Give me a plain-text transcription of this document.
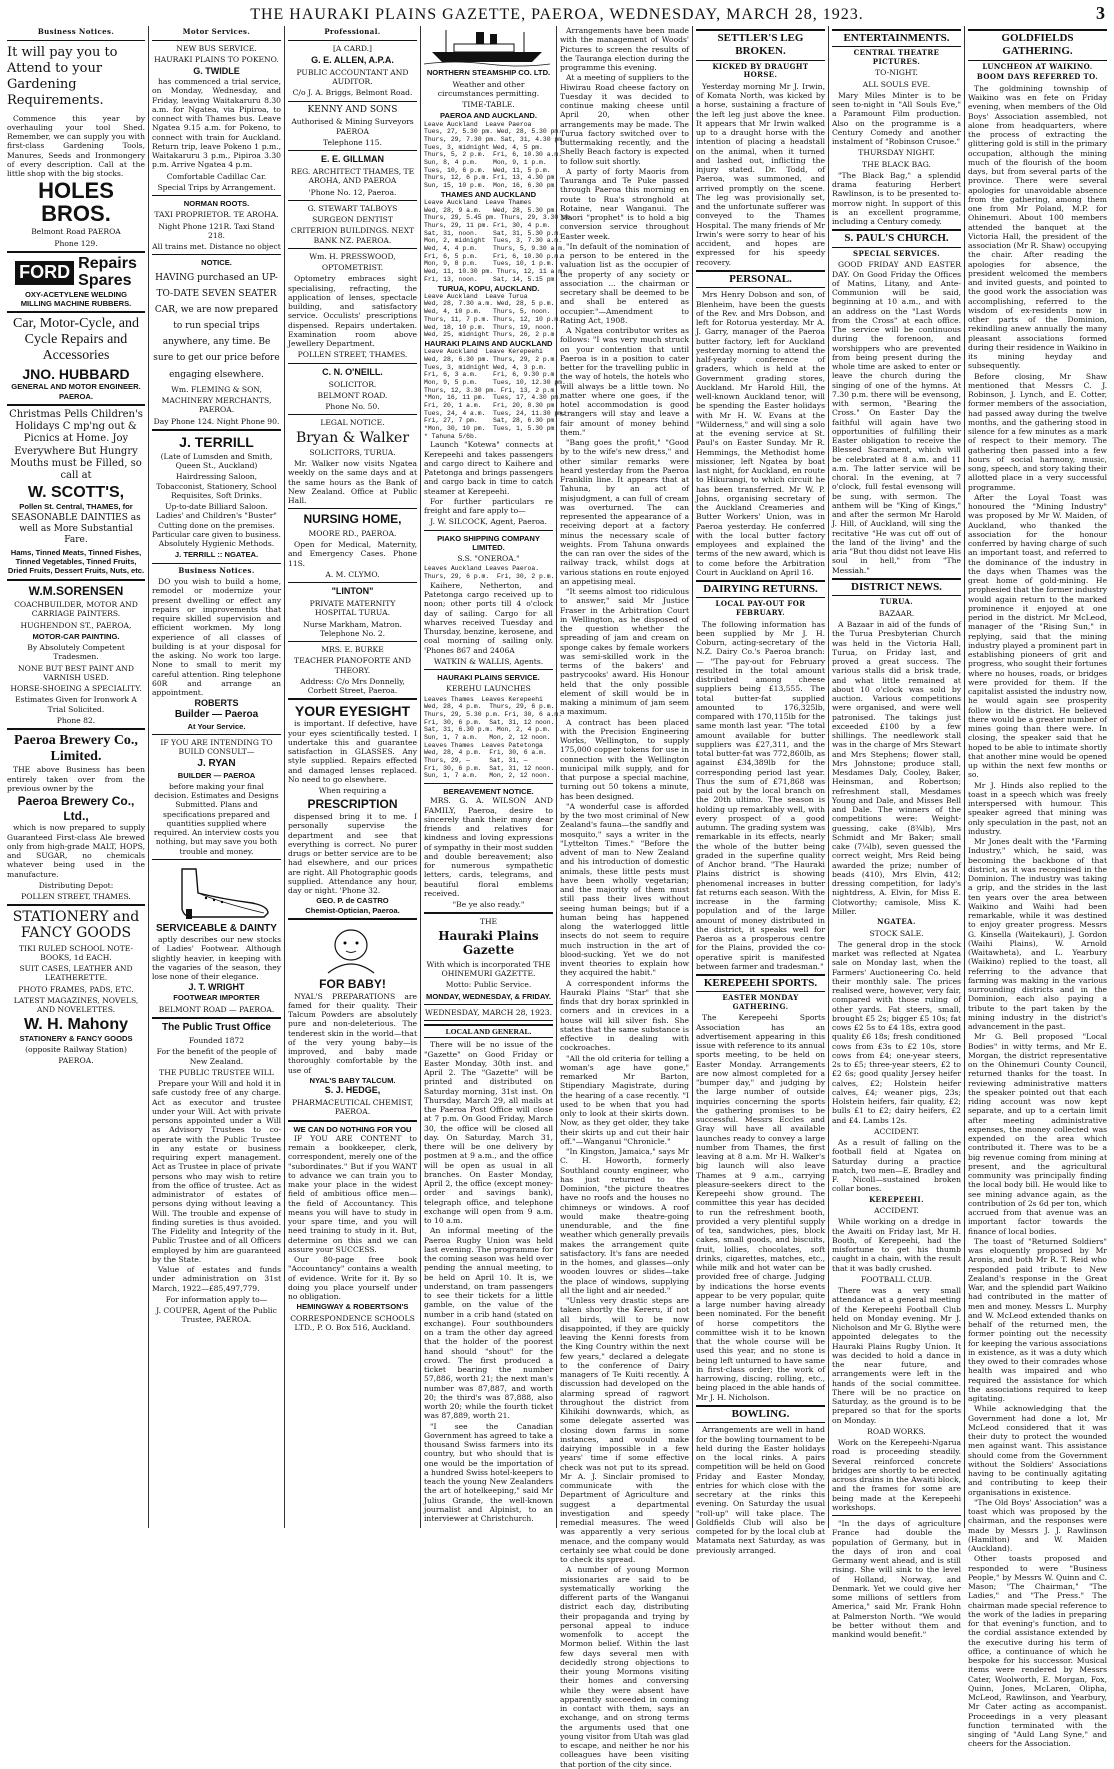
THE HAURAKI PLAINS GAZETTE, PAEROA, WEDNESDAY, MARCH 28, 1923.	3
Business Notices.
It will pay you to Attend to your Gardening Requirements.
Commence this year by overhauling your tool Shed. Remember, we can supply you with first-class Gardening Tools, Manures, Seeds and Ironmongery of every description. Call at the little shop with the big stocks.
HOLES BROS.
Belmont Road PAEROA
Phone 129.
FORD Repairs
Spares
OXY-ACETYLENE WELDING
MILLING MACHINE RUBBERS.
Car, Motor-Cycle, and Cycle Repairs and Accessories
JNO. HUBBARD
GENERAL AND MOTOR ENGINEER.
PAEROA.
Christmas Pells Children's Holidays C mp'ng out & Picnics at Home. Joy Everywhere But Hungry Mouths must be Filled, so call at
W. SCOTT'S,
Pollen St. Central, THAMES, for
SEASONABLE DAINTIES as well as More Substantial Fare.
Hams, Tinned Meats, Tinned Fishes, Tinned Vegetables, Tinned Fruits, Dried Fruits, Dessert Fruits, Nuts, etc.
W.M.SORENSEN
COACHBUILDER, MOTOR AND CARRIAGE PAINTERS.
HUGHENDON ST., PAEROA,
MOTOR-CAR PAINTING.
By Absolutely Competent Tradesmen.
NONE BUT BEST PAINT AND VARNISH USED.
HORSE-SHOEING A SPECIALITY.
Estimates Given for Ironwork A Trial Solicited.
Phone 82.
Paeroa Brewery Co., Limited.
THE above Business has been entirely taken over from the previous owner by the
Paeroa Brewery Co., Ltd.,
which is now prepared to supply Guaranteed First-class Ale brewed only from high-grade MALT, HOPS, and SUGAR, no chemicals whatever being used in the manufacture.
Distributing Depot:
POLLEN STREET, THAMES.
STATIONERY and FANCY GOODS
TIKI RULED SCHOOL NOTE-BOOKS, 1d EACH.
SUIT CASES, LEATHER AND LEATHERETTE.
PHOTO FRAMES, PADS, ETC.
LATEST MAGAZINES, NOVELS, AND NOVELETTES.
W. H. Mahony
STATIONERY & FANCY GOODS
(opposite Railway Station)
PAEROA.
Motor Services.
NEW BUS SERVICE.
HAURAKI PLAINS TO POKENO.
G. TWIDLE
has commenced a trial service, on Monday, Wednesday, and Friday, leaving Waitakaruru 8.30 a.m. for Ngatea, via Pipiroa, to connect with Thames bus. Leave Ngatea 9.15 a.m. for Pokeno, to connect with train for Auckland. Return trip, leave Pokeno 1 p.m., Waitakaruru 3 p.m., Pipiroa 3.30 p.m. Arrive Ngatea 4 p.m.
Comfortable Cadillac Car.
Special Trips by Arrangement.
NORMAN ROOTS.
TAXI PROPRIETOR. TE AROHA.
Night Phone 121R. Taxi Stand 218.
All trains met. Distance no object
NOTICE.
HAVING purchased an UP-TO-DATE SEVEN SEATER CAR, we are now prepared to run special trips anywhere, any time. Be sure to get our price before engaging elsewhere.
Wm. FLEMING & SON,
MACHINERY MERCHANTS, PAEROA.
Day Phone 124. Night Phone 90.
J. TERRILL
(Late of Lumsden and Smith, Queen St., Auckland)
Hairdressing Saloon, Tobacconist, Stationery, School Requisites, Soft Drinks.
Up-to-date Billiard Saloon. Ladies' and Children's "Buster" Cutting done on the premises. Particular care given to business. Absolutely Hygienic Methods.
J. TERRILL :: NGATEA.
Business Notices.
DO you wish to build a home, remodel or modernize your present dwelling or effect any repairs or improvements that require skilled supervision and efficient workmen. My long experience of all classes of building is at your disposal for the asking. No work too large. None to small to merit my careful attention. Ring telephone 60R and arrange an appointment.
ROBERTS
Builder — Paeroa
At Your Service.
IF YOU ARE INTENDING TO BUILD CONSULT—
J. RYAN
BUILDER — PAEROA
before making your final decision. Estimates and Designs Submitted. Plans and specifications prepared and quantities supplied where required. An interview costs you nothing, but may save you both trouble and money.
SERVICEABLE & DAINTY
aptly describes our new stocks of Ladies' Footwear. Although slightly heavier, in keeping with the vagaries of the season, they lose none of their elegance.
J. T. WRIGHT
FOOTWEAR IMPORTER
BELMONT ROAD — PAEROA.
The Public Trust Office
Founded 1872
For the benefit of the people of New Zealand.
THE PUBLIC TRUSTEE WILL
Prepare your Will and hold it in safe custody free of any charge. Act as executor and trustee under your Will. Act with private persons appointed under a Will as Advisory Trustees to co-operate with the Public Trustee in any estate or business requiring expert management. Act as Trustee in place of private persons who may wish to retire from the office of trustee. Act as administrator of estates of persons dying without leaving a Will. The trouble and expense of finding sureties is thus avoided. The Fidelity and Integrity of the Public Trustee and of all Officers employed by him are guaranteed by the State.
Value of estates and funds under administration on 31st March, 1922—£85,497,779.
For information apply to—
J. COUPER, Agent of the Public Trustee, PAEROA.
Professional.
[A CARD.]
G. E. ALLEN, A.P.A.
PUBLIC ACCOUNTANT AND AUDITOR.
C/o J. A. Briggs, Belmont Road.
KENNY AND SONS
Authorised & Mining Surveyors PAEROA
Telephone 115.
E. E. GILLMAN
REG. ARCHITECT THAMES, TE AROHA, AND PAEROA
'Phone No. 12, Paeroa.
G. STEWART TALBOYS
SURGEON DENTIST
CRITERION BUILDINGS. NEXT BANK NZ. PAEROA.
Wm. H. PRESSWOOD,
OPTOMETRIST.
Optometry embraces sight specialising, refracting, the application of lenses, spectacle building, and satisfactory service. Occulists' prescriptions dispensed. Repairs undertaken. Examination room above Jewellery Department.
POLLEN STREET, THAMES.
C. N. O'NEILL.
SOLICITOR.
BELMONT ROAD.
Phone No. 50.
LEGAL NOTICE.
Bryan & Walker
SOLICITORS, TURUA.
Mr. Walker now visits Ngatea weekly on the same days and at the same hours as the Bank of New Zealand. Office at Public Hall.
NURSING HOME,
MOORE RD., PAEROA.
Open for Medical, Maternity, and Emergency Cases. Phone 11S.
A. M. CLYMO.
"LINTON"
PRIVATE MATERNITY HOSPITAL TURUA.
Nurse Markham, Matron. Telephone No. 2.
MRS. E. BURKE
TEACHER PIANOFORTE AND THEORY.
Address: C/o Mrs Donnelly, Corbett Street, Paeroa.
YOUR EYESIGHT
is important. If defective, have your eyes scientifically tested. I undertake this and guarantee satisfaction in GLASSES. Any style supplied. Repairs effected and damaged lenses replaced. No need to go elsewhere.
When requiring a
PRESCRIPTION
dispensed bring it to me. I personally supervise the department and see that everything is correct. No purer drugs or better service are to be had elsewhere, and our prices are right. All Photographic goods supplied. Attendance any hour, day or night. 'Phone 32.
GEO. P. de CASTRO
Chemist-Optician, Paeroa.
FOR BABY!
NYAL'S PREPARATIONS are famed for their quality. Their Talcum Powders are absolutely pure and non-deleterious. The tenderest skin in the world—that of the very young baby—is improved, and baby made thoroughly comfortable by the use of
NYAL'S BABY TALCUM.
S. J. HEDGE,
PHARMACEUTICAL CHEMIST, PAEROA.
WE CAN DO NOTHING FOR YOU
IF YOU ARE CONTENT to remain a bookkeeper, clerk, correspondent, merely one of the "subordinates." But if you WANT to advance we can train you to make your place in the widest field of ambitious office men—the field of Accountancy. This means you will have to study in your spare time, and you will need training to study in it. But, determine on this and we can assure your SUCCESS.
Our 80-page free book "Accountancy" contains a wealth of evidence. Write for it. By so doing you place yourself under no obligation.
HEMINGWAY & ROBERTSON'S
CORRESPONDENCE SCHOOLS LTD., P. O. Box 516, Auckland.
NORTHERN STEAMSHIP CO. LTD.
Weather and other circumstances permitting.
TIME-TABLE.
PAEROA AND AUCKLAND.
Leave Auckland  Leave Paeroa
Tues, 27, 5.30 pm. Wed, 28, 5.30 pm.
Thurs, 29, 7.30 pm. Sat, 31, 4.30 pm.
Tues, 3, midnight Wed, 4, 5 pm.
Thurs, 5, 2 p.m.  Fri, 6, 10.30 a.m.
Sun, 8, 4 p.m.    Mon, 9, 1 p.m.
Tues, 10, 6 p.m.  Wed, 11, 5 p.m.
Thurs, 12, 6 p.m. Fri, 13, 4.30 pm.
Sun, 15, 10 p.m.  Mon, 16, 6.30 pm.
THAMES AND AUCKLAND
Leave Auckland  Leave Thames
Wed, 28, 9 a.m.   Wed, 28, 5.30 pm.
Thurs, 29, 5.45 pm. Thurs, 29, 3.30 pm.
Thurs, 29, 11 pm. Fri, 30, 4 p.m.
Sat, 31, noon.    Sat, 31, 5.30 p.m.
Mon, 2, midnight  Tues, 3, 7.30 a.m.
Wed, 4, 4 p.m.    Thurs, 5, 9.30 a.m.
Fri, 6, 5 p.m.    Fri, 6, 10.30 p.m.
Mon, 9, 8 p.m.    Tues, 10, 1 p.m.
Wed, 11, 10.30 pm. Thurs, 12, 11 a.m.
Fri, 13, noon.    Sat, 14, 5.15 pm.
TURUA, KOPU, AUCKLAND.
Leave Auckland  Leave Turua
Wed, 28, 7.30 a.m. Wed, 28, 5 p.m.
Wed, 4, 10 p.m.   Thurs, 5, noon.
Thurs, 11, 7 p.m. Thurs, 12, 10 p.m.
Wed, 18, 10 p.m.  Thurs, 19, noon.
Wed, 25, midnight Thurs, 26, 2 p.m.
HAURAKI PLAINS AND AUCKLAND
Leave Auckland  Leave Kerepeehi
Wed, 28, 6.30 pm. Thurs, 29, 2 p.m.
Tues, 3, midnight Wed, 4, 3 p.m.
Fri, 6, 3 a.m.    Fri, 6, 9.30 p.m.
Mon, 9, 5 p.m.    Tues, 10, 12.30 pm.
Thurs, 12, 3.30 pm. Fri, 13, 2 p.m.
*Mon, 16, 11 pm.  Tues, 17, 4.30 pm.
Fri, 20, 1 a.m.   Fri, 20, 8.30 pm.
Tues, 24, 4 a.m.  Tues, 24, 11.30 pm.
Fri, 27, 7 pm.    Sat, 28, 6.30 pm.
*Mon, 30, 10 pm.  Tues, 1, 5.30 pm.
* Tahuna 5/6b.
Launch "Kotewa" connects at Kerepeehi and takes passengers and cargo direct to Kaihere and Patetonga and brings passengers and cargo back in time to catch steamer at Kerepeehi.
For further particulars re freight and fare apply to—
J. W. SILCOCK, Agent, Paeroa.
PIAKO SHIPPING COMPANY LIMITED.
S.S. "ONEROA."
Leaves Auckland Leaves Paeroa.
Thurs, 29, 6 p.m.  Fri, 30, 2 p.m.
Kaihere, Netherton, and Patetonga cargo received up to noon; other ports till 4 o'clock day of sailing. Cargo for all wharves received Tuesday and Thursday, benzine, kerosene, and coal morning of sailing only. 'Phones 867 and 2406A
WATKIN & WALLIS, Agents.
HAURAKI PLAINS SERVICE.
KEREHU LAUNCHES
Leaves Thames  Leaves Kerepeehi
Wed, 28, 4 p.m.  Thurs, 29, 6 p.m.
Thurs, 29, 5.30 p.m. Fri, 30, 6 a.m.
Fri, 30, 6 p.m.  Sat, 31, 12 noon.
Sat, 31, 6.30 p.m. Mon, 2, 4 p.m.
Sun, 1, 7 a.m.   Mon, 2, 12 noon.
Leaves Thames  Leaves Patetonga
Wed, 28, 4 p.m.  Fri, 30, 6 a.m.
Thurs, 29, —     Sat, 31, —
Fri, 30, 6 p.m.  Sat, 31, 12 noon.
Sun, 1, 7 a.m.   Mon, 2, 12 noon.
BEREAVEMENT NOTICE.
MRS. G. A. WILSON AND FAMILY, Paeroa, desire to sincerely thank their many dear friends and relatives for kindness and loving expressions of sympathy in their most sudden and double bereavement; also for numerous sympathetic letters, cards, telegrams, and beautiful floral emblems received.
"Be ye also ready."
THE
Hauraki Plains Gazette
With which is incorporated THE OHINEMURI GAZETTE.
Motto: Public Service.
MONDAY, WEDNESDAY, & FRIDAY.
WEDNESDAY, MARCH 28, 1923.
LOCAL AND GENERAL.
There will be no issue of the "Gazette" on Good Friday or Easter Monday, 30th inst. and April 2. The "Gazette" will be printed and distributed on Saturday morning, 31st inst. On Thursday, March 29, all mails at the Paeroa Post Office will close at 7 p.m. On Good Friday, March 30, the office will be closed all day. On Saturday, March 31, there will be one delivery by postmen at 9 a.m., and the office will be open as usual in all branches. On Easter Monday, April 2, the office (except money-order and savings bank), telegraph office, and telephone exchange will open from 9 a.m. to 10 a.m.
An informal meeting of the Paeroa Rugby Union was held last evening. The programme for the coming season was held over pending the annual meeting, to be held on April 10. It is, we understand, on tram passengers to see their tickets for a little gamble, on the value of the number in a crib hand (stated on exchange). Four southbounders on a tram the other day agreed that the holder of the poorest hand should "shout" for the crowd. The first produced a ticket bearing the number 57,886, worth 21; the next man's number was 87,887, and worth 20; the third's was 87,888, also worth 20; while the fourth ticket was 87,889, worth 21.
"I see the Canadian Government has agreed to take a thousand Swiss farmers into its country, but who should that is one would be the importation of a hundred Swiss hotel-keepers to teach the young New Zealanders the art of hotelkeeping," said Mr Julius Grande, the well-known journalist and Alpinist, to an interviewer at Christchurch.
Arrangements have been made with the management of Woods' Pictures to screen the results of the Tauranga election during the programme this evening.
At a meeting of suppliers to the Hiwirau Road cheese factory on Tuesday it was decided to continue making cheese until April 20, when other arrangements may be made. The Turua factory switched over to buttermaking recently, and the Shelly Beach factory is expected to follow suit shortly.
A party of forty Maoris from Tauranga and Te Puke passed through Paeroa this morning en route to Rua's stronghold at Rotaine, near Wanganui. The Maori "prophet" is to hold a big conversion service throughout Easter week.
"In default of the nomination of a person to be entered in the valuation list as the occupier of the property of any society or association ... the chairman or secretary shall be deemed to be and shall be entered as occupier."—Amendment to Rating Act, 1908.
A Ngatea contributor writes as follows: "I was very much struck on your contention that until Paeroa is in a position to cater better for the travelling public in the way of hotels, the hotels who will always be a little town. No matter where one goes, if the hotel accommodation is good strangers will stay and leave a fair amount of money behind them."
"Bang goes the profit," "Good by to the wife's new dress," and other similar remarks were heard yesterday from the Paeroa Franklin line. It appears that at Tahuna, by an act of misjudgment, a can full of cream was overturned. The can represented the appearance of a receiving deport at a factory minus the necessary scale of weights. From Tahuna onwards the can ran over the sides of the railway track, whilst dogs at various stations en route enjoyed an appetising meal.
"It seems almost too ridiculous to answer," said Mr Justice Fraser in the Arbitration Court in Wellington, as he disposed of the question whether the spreading of jam and cream on sponge cakes by female workers was semi-skilled work in the terms of the bakers' and pastrycooks' award. His Honour held that the only possible element of skill would be in making a minimum of jam seem a maximum.
A contract has been placed with the Precision Engineering Works, Wellington, to supply 175,000 copper tokens for use in connection with the Wellington municipal milk supply, and for that purpose a special machine, turning out 50 tokens a minute, has been designed.
"A wonderful case is afforded by the two most criminal of New Zealand's fauna—the sandfly and mosquito," says a writer in the "Lyttelton Times." "Before the advent of man to New Zealand and his introduction of domestic animals, these little pests must have been wholly vegetarian; and the majority of them must still pass their lives without seeing human beings; but if a human being has happened along the waterlogged little insects do not seem to require much instruction in the art of blood-sucking. Yet we do not invent theories to explain how they acquired the habit."
A correspondent informs the Hauraki Plains "Star" that she finds that dry borax sprinkled in corners and in crevices in a house will kill silver fish. She states that the same substance is effective in dealing with cockroaches.
"All the old criteria for telling a woman's age have gone," remarked Mr Barton, Stipendiary Magistrate, during the hearing of a case recently. "I used to be when that you had only to look at their skirts down. Now, as they get older, they take their skirts up and cut their hair off."—Wanganui "Chronicle."
"In Kingston, Jamaica," says Mr C. H. Howorth, formerly Southland county engineer, who has just returned to the Dominion, "the picture theatres have no roofs and the houses no chimneys or windows. A roof would make theatre-going unendurable, and the fine weather which generally prevails makes the arrangement quite satisfactory. It's fans are needed in the homes, and glasses—only wooden louvres or slides—take the place of windows, supplying all the light and air needed."
"Unless very drastic steps are taken shortly the Kereru, if not all birds, will to be now disappointed, if they are quickly leaving the Kenni forests from the King Country within the next few years," declared a delegate to the conference of Dairy managers of Te Kuiti recently. A discussion had developed on the alarming spread of ragwort throughout the district from Kihikihi downwards, which, as some delegate asserted was closing down farms in some instances, and would make dairying impossible in a few years' time if some effective check was not put to its spread. Mr A. J. Sinclair promised to communicate with the Department of Agriculture and suggest a departmental investigation and speedy remedial measures. The weed was apparently a very serious menace, and the company would certainly see what could be done to check its spread.
A number of young Mormon missionaries are said to be systematically working the different parts of the Wanganui district each day, distributing their propaganda and trying by personal appeal to induce womenfolk to accept the Mormon belief. Within the last few days several men with decidedly strong objections to their young Mormons visiting their homes and conversing while they were absent have apparently succeeded in coming in contact with them, says an exchange, and on strong terms the arguments used that one young visitor from Utah was glad to escape, and neither he nor his colleagues have been visiting that portion of the city since.
SETTLER'S LEG BROKEN.
KICKED BY DRAUGHT HORSE.
Yesterday morning Mr J. Irwin, of Komata North, was kicked by a horse, sustaining a fracture of the left leg just above the knee. It appears that Mr Irwin walked up to a draught horse with the intention of placing a headstall on the animal, when it turned and lashed out, inflicting the injury stated. Dr. Todd, of Paeroa, was summoned, and arrived promptly on the scene. The leg was provisionally set, and the unfortunate sufferer was conveyed to the Thames Hospital. The many friends of Mr Irwin's were sorry to hear of his accident, and hopes are expressed for his speedy recovery.
PERSONAL.
Mrs Henry Dobson and son, of Blenheim, have been the guests of the Rev. and Mrs Dobson, and left for Rotorua yesterday. Mr A. J. Garry, manager of the Paeroa butter factory, left for Auckland yesterday morning to attend the half-yearly conference of graders, which is held at the Government grading stores, Auckland. Mr Harold Hill, the well-known Auckland tenor, will be spending the Easter holidays with Mr H. W. Evans at the "Wilderness," and will sing a solo at the evening service at St. Paul's on Easter Sunday. Mr R. Hemmings, the Methodist home missioner, left Ngatea by boat last night, for Auckland, en route to Hikurangi, to which circuit he has been transferred. Mr W. P. Johns, organising secretary of the Auckland Creameries and Butter Workers' Union, was in Paeroa yesterday. He conferred with the local butter factory employees and explained the terms of the new award, which is to come before the Arbitration Court in Auckland on April 16.
DAIRYING RETURNS.
LOCAL PAY-OUT FOR FEBRUARY.
The following information has been supplied by Mr J. H. Coburn, acting-secretary of the N.Z. Dairy Co.'s Paeroa branch:— "The pay-out for February resulted in the total amount distributed among cheese suppliers being £13,555. The total butter-fat supplied amounted to 176,325lb, compared with 170,115lb for the same month last year. "The total amount available for butter suppliers was £27,311, and the total butter-fat was 772,860lb, as against £34,389lb for the corresponding period last year. Thus the sum of £71,868 was paid out by the local branch on the 20th ultimo. The season is holding up remarkably well, with every prospect of a good autumn. The grading system was remarkable in its effects, nearly the whole of the butter being graded in the superfine quality of Anchor brand. "The Hauraki Plains district is showing phenomenal increases in butter fat returns each season. With the increase in the farming population and of the large amount of money distributed in the district, it speaks well for Paeroa as a prosperous centre for the Plains, provided the co-operative spirit is manifested between farmer and tradesman."
KEREPEEHI SPORTS.
EASTER MONDAY GATHERING.
The Kerepeehi Sports Association has an advertisement appearing in this issue with reference to its annual sports meeting, to be held on Easter Monday. Arrangements are now almost completed for a "bumper day," and judging by the large number of outside inquiries concerning the sports the gathering promises to be successful. Messrs Eccles and Gray will have all available launches ready to convey a large number from Thames, the first leaving at 8 a.m. Mr H. Walker's big launch will also leave Thames at 9 a.m., carrying pleasure-seekers direct to the Kerepeehi show ground. The committee this year has decided to run the refreshment booth, provided a very plentiful supply of tea, sandwiches, pies, block cakes, small goods, and biscuits, fruit, lollies, chocolates, soft drinks, cigarettes, matches, etc., while milk and hot water can be provided free of charge. Judging by indications the horse events appear to be very popular, quite a large number having already been nominated. For the benefit of horse competitors the committee wish it to be known that the whole course will be used this year, and no stone is being left unturned to have same in first-class order; the work of harrowing, discing, rolling, etc., being placed in the able hands of Mr J. H. Nicholson.
BOWLING.
Arrangements are well in hand for the bowling tournament to be held during the Easter holidays on the local rinks. A pairs competition will be held on Good Friday and Easter Monday, entries for which close with the secretary at the rinks this evening. On Saturday the usual "roll-up" will take place. The Goldfields Club will also be competed for by the local club at Matamata next Saturday, as was previously arranged.
ENTERTAINMENTS.
CENTRAL THEATRE PICTURES.
TO-NIGHT.
ALL SOULS EVE.
Mary Miles Minter is to be seen to-night in "All Souls Eve," a Paramount Film production. Also on the programme is a Century Comedy and another instalment of "Robinson Crusoe."
THURSDAY NIGHT.
THE BLACK BAG.
"The Black Bag," a splendid drama featuring Herbert Rawlinson, is to be presented to-morrow night. In support of this is an excellent programme, including a Century comedy.
S. PAUL'S CHURCH.
SPECIAL SERVICES.
GOOD FRIDAY AND EASTER DAY. On Good Friday the Offices of Matins, Litany, and Ante-Communion will be said, beginning at 10 a.m., and with an address on the "Last Words from the Cross" at each office. The service will be continuous during the forenoon, and worshippers who are prevented from being present during the whole time are asked to enter or leave the church during the singing of one of the hymns. At 7.30 p.m. there will be evensong, with sermon, "Bearing the Cross." On Easter Day the faithful will again have two opportunities of fulfilling their Easter obligation to receive the Blessed Sacrament, which will be celebrated at 8 a.m. and 11 a.m. The latter service will be choral. In the evening, at 7 o'clock, full festal evensong will be sung, with sermon. The anthem will be "King of Kings," and after the sermon Mr Harold J. Hill, of Auckland, will sing the recitative "He was cut off out of the land of the living" and the aria "But thou didst not leave His soul in hell," from "The Messiah."
DISTRICT NEWS.
TURUA.
BAZAAR.
A Bazaar in aid of the funds of the Turua Presbyterian Church was held in the Victoria Hall, Turua, on Friday last, and proved a great success. The various stalls did a brisk trade, and what little remained at about 10 o'clock was sold by auction. Various competitions were organised, and were well patronised. The takings just exceeded £100 by a few shillings. The needlework stall was in the charge of Mrs Stewart and Mrs Stephens; flower stall, Mrs Johnstone; produce stall, Mesdames Daly, Cooley, Baker, Heinsman, and Robertson; refreshment stall, Mesdames Young and Dale, and Misses Bell and Dale. The winners of the competitions were: Weight-guessing, cake (8¾lb), Mrs Schmidt and Mr Baker; small cake (7¼lb), seven guessed the correct weight, Mrs Reid being awarded the prize; number of beads (410), Mrs Elvin, 412; dressing competition, for lady's nightdress, A. Elvin, for Miss E. Clotworthy; camisole, Miss K. Miller.
NGATEA.
STOCK SALE.
The general drop in the stock market was reflected at Ngatea sale on Monday last, when the Farmers' Auctioneering Co. held their monthly sale. The prices realised were, however, very fair, compared with those ruling of other yards. Fat steers, small, brought £5 2s; bigger £5 10s; fat cows £2 5s to £4 18s, extra good quality £6 18s; fresh conditioned cows from £3s to £2 10s, store cows from £4; one-year steers, 2s to £5; three-year steers, £2 to £2 6s; good quality Jersey heifer calves, £2; Holstein heifer calves, £4; weaner pigs, 23s; Holstein heifers, fair quality, £2; bulls £1 to £2; dairy heifers, £2 and £4. Lambs 12s.
ACCIDENT.
As a result of falling on the football field at Ngatea on Saturday during a practice match, two men—E. Bradley and F. Nicoll—sustained broken collar bones.
KEREPEEHI.
ACCIDENT.
While working on a dredge in the Awaiti on Friday last, Mr H. Booth, of Kerepeehi, had the misfortune to get his thumb caught in a chain, with the result that it was badly crushed.
FOOTBALL CLUB.
There was a very small attendance at a general meeting of the Kerepeehi Football Club held on Monday evening. Mr J. Nicholson and Mr G. Blythe were appointed delegates to the Hauraki Plains Rugby Union. It was decided to hold a dance in the near future, and arrangements were left in the hands of the social committee. There will be no practice on Saturday, as the ground is to be prepared so that for the sports on Monday.
ROAD WORKS.
Work on the Kerepeehi-Ngarua road is proceeding steadily. Several reinforced concrete bridges are shortly to be erected across drains in the Awaiti block, and the frames for some are being made at the Kerepeehi workshops.
"In the days of agriculture France had double the population of Germany, but in the days of iron and coal Germany went ahead, and is still rising. She will sink to the level of Holland, Norway, and Denmark. Yet we could give her some millions of settlers from America," said Mr. Frank Hohn at Palmerston North. "We would be better without them and mankind would benefit."
GOLDFIELDS GATHERING.
LUNCHEON AT WAIKINO.
BOOM DAYS REFERRED TO.
The goldmining township of Waikino was en fete on Friday evening, when members of the Old Boys' Association assembled, not alone from headquarters, where the process of extracting the glittering gold is still in the primary occupation, although the mining much of the flourish of the boom days, but from several parts of the province. There were several apologies for unavoidable absence from the gathering, among them one from Mr Poland, M.P. for Ohinemuri. About 100 members attended the banquet at the Victoria Hall, the president of the association (Mr R. Shaw) occupying the chair. After reading the apologies for absence, the president welcomed the members and invited guests, and pointed to the good work the association was accomplishing, referred to the wisdom of ex-residents now in other parts of the Dominion, rekindling anew annually the many pleasant associations formed during their residence in Waikino in its mining heyday and subsequently.
Before closing, Mr Shaw mentioned that Messrs C. J. Robinson, J. Lynch, and E. Cotter, former members of the association, had passed away during the twelve months, and the gathering stood in silence for a few minutes as a mark of respect to their memory. The gathering then passed into a few hours of social harmony, music, song, speech, and story taking their allotted place in a very successful programme.
After the Loyal Toast was honoured the "Mining Industry" was proposed by Mr W. Maiden, of Auckland, who thanked the association for the honour conferred by having charge of such an important toast, and referred to the dominance of the industry in the days when Thames was the great home of gold-mining. He prophesied that the former industry would again return to the marked prominence it enjoyed at one period in the district. Mr McLeod, manager of the "Rising Sun," in replying, said that the mining industry played a prominent part in establishing pioneers of grit and progress, who sought their fortunes where no houses, roads, or bridges were provided for them. If the capitalist assisted the industry now, he would again see prosperity follow in the district. He believed there would be a greater number of mines going than there were. In closing, the speaker said that he hoped to be able to intimate shortly that another mine would be opened up within the next few months or so.
Mr J. Hinds also replied to the toast in a speech which was freely interspersed with humour. This speaker agreed that mining was only speculation in the past, not an industry.
Mr Jones dealt with the "Farming Industry," which, he said, was becoming the backbone of that district, as it was recognised in the Dominion. The industry was taking a grip, and the strides in the last ten years over the area between Waikino and Waihi had been remarkable, while it was destined to enjoy greater progress. Messrs G. Kinsella (Waitekauri), J. Gordon (Waihi Plains), W. Arnold (Waitawheta), and L. Yearbury (Waikino) replied to the toast, all referring to the advance that farming was making in the various surrounding districts and in the Dominion, each also paying a tribute to the part taken by the mining industry in the district's advancement in the past.
Mr G. Bell proposed "Local Bodies" in witty terms, and Mr E. Morgan, the district representative on the Ohinemuri County Council, returned thanks for the toast. In reviewing administrative matters the speaker pointed out that each riding account was now kept separate, and up to a certain limit after meeting administrative expenses, the money collected was expended on the area which contributed it. There was to be a big revenue coming from mining at present, and the agricultural community was principally finding the local body bill. He would like to see mining advance again, as the contribution of 2s 6d per ton, which accrued from that avenue was an important factor towards the finance of local bodies.
The toast of "Returned Soldiers" was eloquently proposed by Mr Aronis, and both Mr R. T. Reid who responded paid tribute to New Zealand's response in the Great War, and the splendid part Waikino had contributed in the matter of men and money. Messrs L. Murphy and W. McLeod extended thanks on behalf of the returned men, the former pointing out the necessity for keeping the various associations in existence, as it was a duty which they owed to their comrades whose health was impaired and who required the assistance for which the associations required to keep agitating.
While acknowledging that the Government had done a lot, Mr McLeod considered that it was their duty to protect the wounded men against want. This assistance should come from the Government without the Soldiers' Associations having to be continually agitating and contributing to keep their organisations in existence.
"The Old Boys' Association" was a toast which was proposed by the chairman, and the responses were made by Messrs J. J. Rawlinson (Hamilton) and W. Maiden (Auckland).
Other toasts proposed and responded to were "Business People," by Messrs W. Quinn and C. Mason; "The Chairman," "The Ladies," and "The Press." The chairman made special reference to the work of the ladies in preparing for that evening's function, and to the cordial assistance extended by the executive during his term of office, a continuance of which he bespoke for his successor. Musical items were rendered by Messrs Cater, Woolworth, E. Morgan, Fox, Quinn, Jones, McLaren, Olipha, McLeod, Rawlinson, and Yearbury, Mr Cater acting as accompanist. Proceedings in a very pleasant function terminated with the singing of "Auld Lang Syne," and cheers for the Association.
